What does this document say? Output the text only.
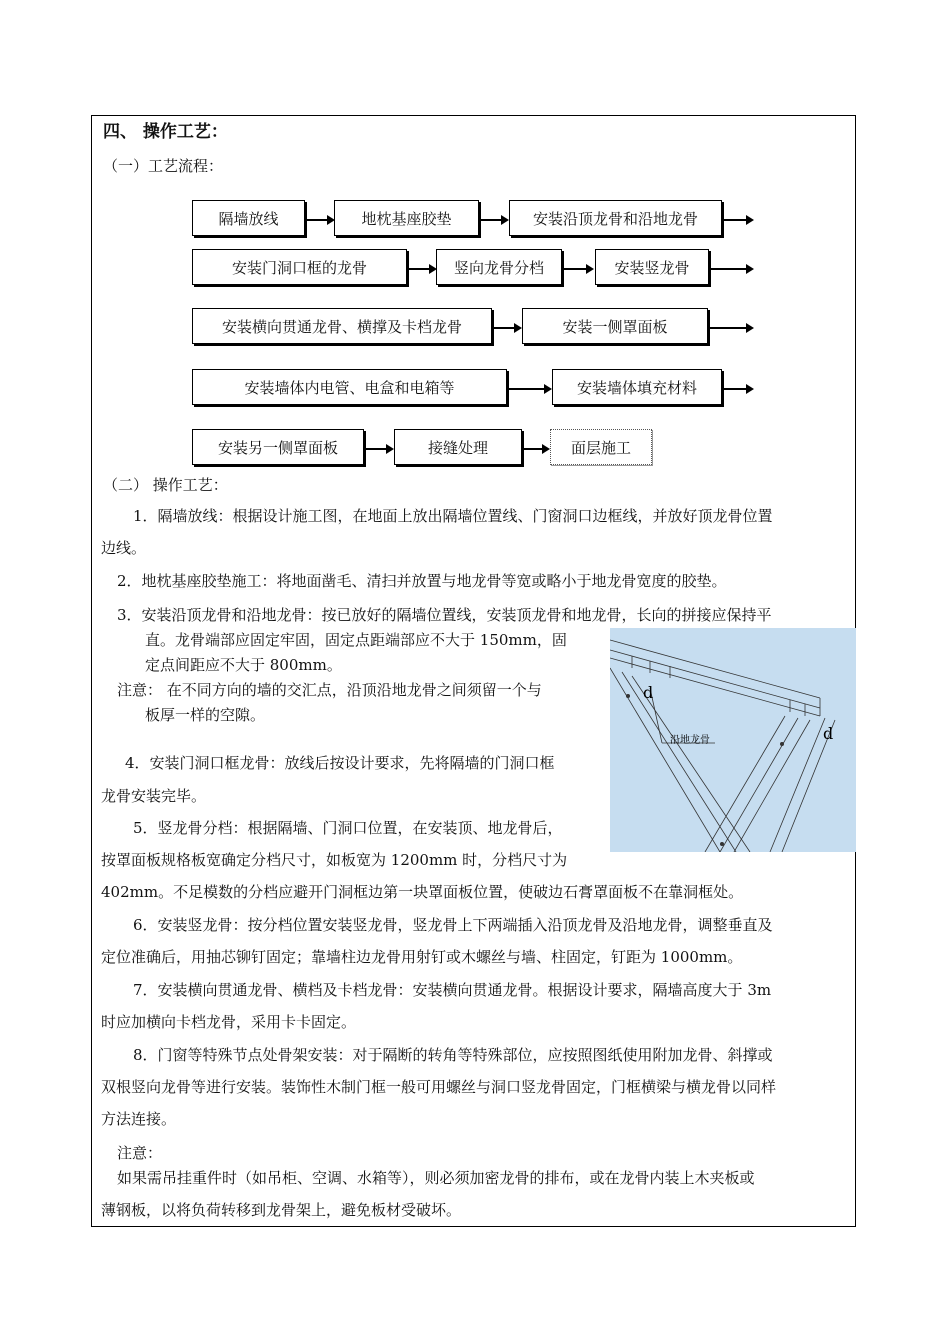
四、 操作工艺：
（一）工艺流程：
隔墙放线	地枕基座胶垫	安装沿顶龙骨和沿地龙骨
安装门洞口框的龙骨	竖向龙骨分档	安装竖龙骨
安装横向贯通龙骨、横撑及卡档龙骨	安装一侧罩面板
安装墙体内电管、电盒和电箱等	安装墙体填充材料
安装另一侧罩面板	接缝处理	面层施工
（二） 操作工艺：
1．隔墙放线：根据设计施工图，在地面上放出隔墙位置线、门窗洞口边框线，并放好顶龙骨位置
边线。
2．地枕基座胶垫施工：将地面凿毛、清扫并放置与地龙骨等宽或略小于地龙骨宽度的胶垫。
3．安装沿顶龙骨和沿地龙骨：按已放好的隔墙位置线，安装顶龙骨和地龙骨，长向的拼接应保持平
直。龙骨端部应固定牢固，固定点距端部应不大于 150mm，固
定点间距应不大于 800mm。
注意： 在不同方向的墙的交汇点，沿顶沿地龙骨之间须留一个与
板厚一样的空隙。
4．安装门洞口框龙骨：放线后按设计要求，先将隔墙的门洞口框
龙骨安装完毕。
5．竖龙骨分档：根据隔墙、门洞口位置，在安装顶、地龙骨后，
按罩面板规格板宽确定分档尺寸，如板宽为 1200mm 时，分档尺寸为
402mm。不足模数的分档应避开门洞框边第一块罩面板位置，使破边石膏罩面板不在靠洞框处。
6．安装竖龙骨：按分档位置安装竖龙骨，竖龙骨上下两端插入沿顶龙骨及沿地龙骨，调整垂直及
定位准确后，用抽芯铆钉固定；靠墙柱边龙骨用射钉或木螺丝与墙、柱固定，钉距为 1000mm。
7．安装横向贯通龙骨、横档及卡档龙骨：安装横向贯通龙骨。根据设计要求，隔墙高度大于 3m
时应加横向卡档龙骨，采用卡卡固定。
8．门窗等特殊节点处骨架安装：对于隔断的转角等特殊部位，应按照图纸使用附加龙骨、斜撑或
双根竖向龙骨等进行安装。装饰性木制门框一般可用螺丝与洞口竖龙骨固定，门框横梁与横龙骨以同样
方法连接。
注意：
如果需吊挂重件时（如吊柜、空调、水箱等），则必须加密龙骨的排布，或在龙骨内装上木夹板或
薄钢板，以将负荷转移到龙骨架上，避免板材受破坏。
d
d
沿地龙骨
